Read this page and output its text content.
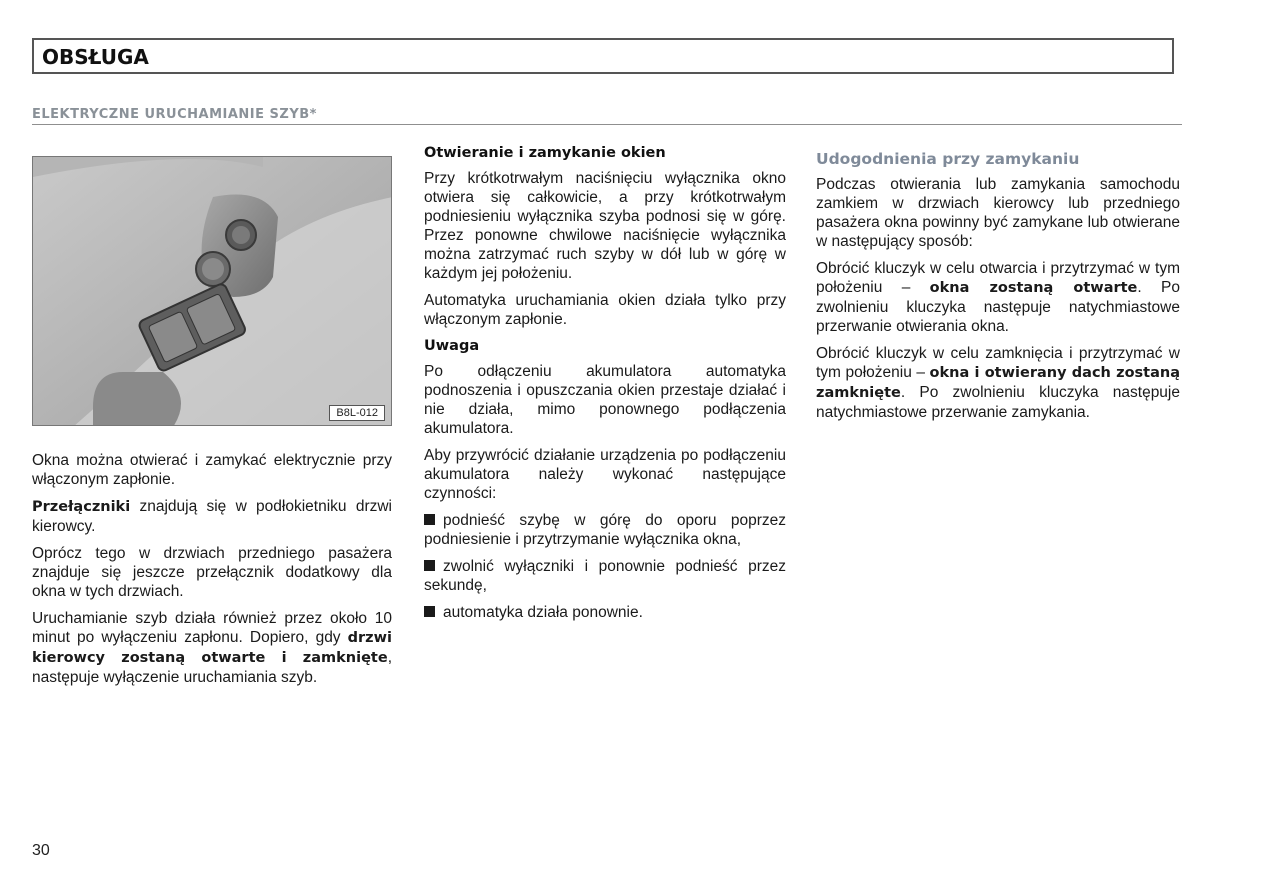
OBSŁUGA
ELEKTRYCZNE URUCHAMIANIE SZYB*
B8L-012

Okna można otwierać i zamykać elektrycznie przy włączonym zapłonie.

Przełączniki znajdują się w podłokietniku drzwi kierowcy.

Oprócz tego w drzwiach przedniego pasażera znajduje się jeszcze przełącznik dodatkowy dla okna w tych drzwiach.

Uruchamianie szyb działa również przez około 10 minut po wyłączeniu zapłonu. Dopiero, gdy drzwi kierowcy zostaną otwarte i zamknięte, następuje wyłączenie uruchamiania szyb.

Otwieranie i zamykanie okien

Przy krótkotrwałym naciśnięciu wyłącznika okno otwiera się całkowicie, a przy krótkotrwałym podniesieniu wyłącznika szyba podnosi się w górę. Przez ponowne chwilowe naciśnięcie wyłącznika można zatrzymać ruch szyby w dół lub w górę w każdym jej położeniu.

Automatyka uruchamiania okien działa tylko przy włączonym zapłonie.

Uwaga

Po odłączeniu akumulatora automatyka podnoszenia i opuszczania okien przestaje działać i nie działa, mimo ponownego podłączenia akumulatora.

Aby przywrócić działanie urządzenia po podłączeniu akumulatora należy wykonać następujące czynności:

podnieść szybę w górę do oporu poprzez podniesienie i przytrzymanie wyłącznika okna,

zwolnić wyłączniki i ponownie podnieść przez sekundę,

automatyka działa ponownie.

Udogodnienia przy zamykaniu

Podczas otwierania lub zamykania samochodu zamkiem w drzwiach kierowcy lub przedniego pasażera okna powinny być zamykane lub otwierane w następujący sposób:

Obrócić kluczyk w celu otwarcia i przytrzymać w tym położeniu – okna zostaną otwarte. Po zwolnieniu kluczyka następuje natychmiastowe przerwanie otwierania okna.

Obrócić kluczyk w celu zamknięcia i przytrzymać w tym położeniu – okna i otwierany dach zostaną zamknięte. Po zwolnieniu kluczyka następuje natychmiastowe przerwanie zamykania.

30
